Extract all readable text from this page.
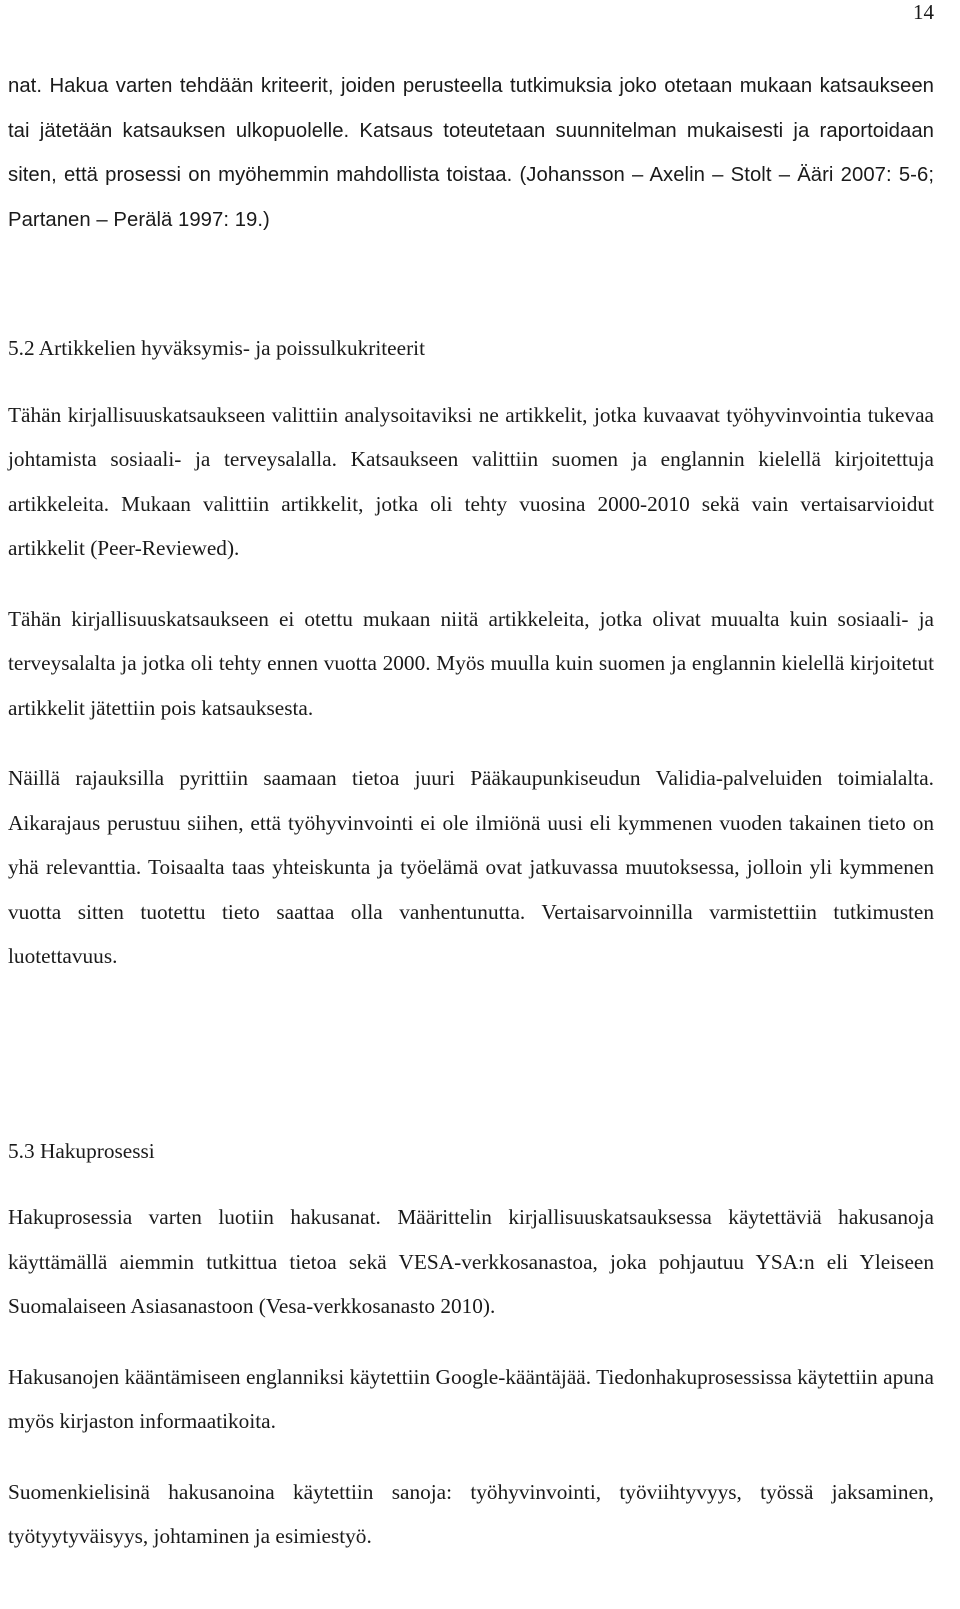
14

nat. Hakua varten tehdään kriteerit, joiden perusteella tutkimuksia joko otetaan mukaan katsaukseen tai jätetään katsauksen ulkopuolelle. Katsaus toteutetaan suunnitelman mukaisesti ja raportoidaan siten, että prosessi on myöhemmin mahdollista toistaa. (Johansson – Axelin – Stolt – Ääri 2007: 5-6; Partanen – Perälä 1997: 19.)

5.2 Artikkelien hyväksymis- ja poissulkukriteerit

Tähän kirjallisuuskatsaukseen valittiin analysoitaviksi ne artikkelit, jotka kuvaavat työhyvinvointia tukevaa johtamista sosiaali- ja terveysalalla. Katsaukseen valittiin suomen ja englannin kielellä kirjoitettuja artikkeleita. Mukaan valittiin artikkelit, jotka oli tehty vuosina 2000-2010 sekä vain vertaisarvioidut artikkelit (Peer-Reviewed).

Tähän kirjallisuuskatsaukseen ei otettu mukaan niitä artikkeleita, jotka olivat muualta kuin sosiaali- ja terveysalalta ja jotka oli tehty ennen vuotta 2000. Myös muulla kuin suomen ja englannin kielellä kirjoitetut artikkelit jätettiin pois katsauksesta.

Näillä rajauksilla pyrittiin saamaan tietoa juuri Pääkaupunkiseudun Validia-palveluiden toimialalta. Aikarajaus perustuu siihen, että työhyvinvointi ei ole ilmiönä uusi eli kymmenen vuoden takainen tieto on yhä relevanttia. Toisaalta taas yhteiskunta ja työelämä ovat jatkuvassa muutoksessa, jolloin yli kymmenen vuotta sitten tuotettu tieto saattaa olla vanhentunutta. Vertaisarvoinnilla varmistettiin tutkimusten luotettavuus.

5.3 Hakuprosessi

Hakuprosessia varten luotiin hakusanat. Määrittelin kirjallisuuskatsauksessa käytettäviä hakusanoja käyttämällä aiemmin tutkittua tietoa sekä VESA-verkkosanastoa, joka pohjautuu YSA:n eli Yleiseen Suomalaiseen Asiasanastoon (Vesa-verkkosanasto 2010).

Hakusanojen kääntämiseen englanniksi käytettiin Google-kääntäjää. Tiedonhakuprosessissa käytettiin apuna myös kirjaston informaatikoita.

Suomenkielisinä hakusanoina käytettiin sanoja: työhyvinvointi, työviihtyvyys, työssä jaksaminen, työtyytyväisyys, johtaminen ja esimiestyö.
